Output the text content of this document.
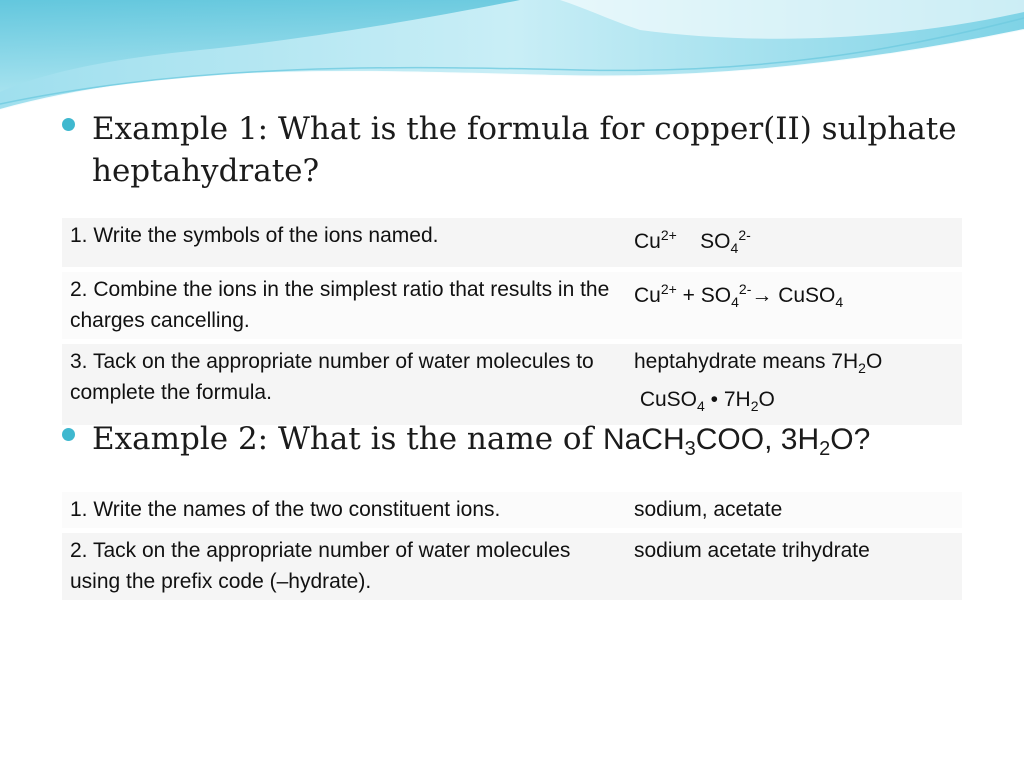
Example 1: What is the formula for copper(II) sulphate heptahydrate?
1. Write the symbols of the ions named.	$Cu^{2+}$    $SO_4^{2-}$
2. Combine the ions in the simplest ratio that results in the charges cancelling.	$Cu^{2+} + SO_4^{2-}\to$ CuSO$_4$
3. Tack on the appropriate number of water molecules to complete the formula.	heptahydrate means $7H_2O$
CuSO$_4$ • $7H_2O$
Example 2: What is the name of NaCH$_3$COO, $3H_2O$?
1. Write the names of the two constituent ions.	sodium, acetate
2. Tack on the appropriate number of water molecules using the prefix code (–hydrate).	sodium acetate trihydrate
